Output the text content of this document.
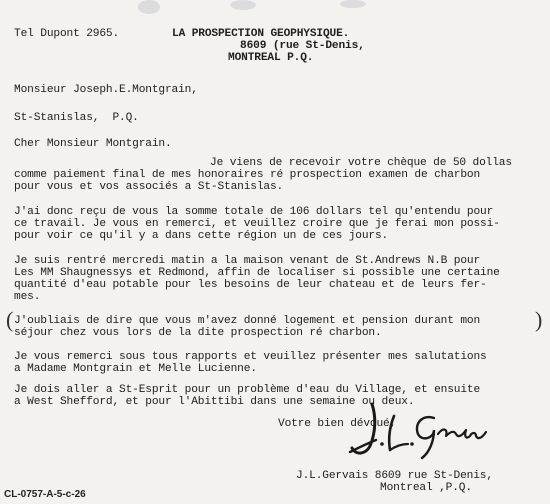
Tel Dupont 2965.	LA PROSPECTION GEOPHYSIQUE.
8609 (rue St-Denis,
MONTREAL P.Q.
Monsieur Joseph.E.Montgrain,
St-Stanislas,  P.Q.
Cher Monsieur Montgrain.
Je viens de recevoir votre chèque de 50 dollas
comme paiement final de mes honoraires ré prospection examen de charbon
pour vous et vos associés a St-Stanislas.
J'ai donc reçu de vous la somme totale de 106 dollars tel qu'entendu pour
ce travail. Je vous en remerci, et veuillez croire que je ferai mon possi-
pour voir ce qu'il y a dans cette région un de ces jours.
Je suis rentré mercredi matin a la maison venant de St.Andrews N.B pour
Les MM Shaugnessys et Redmond, affin de localiser si possible une certaine
quantité d'eau potable pour les besoins de leur chateau et de leurs fer-
mes.
(	)
J'oubliais de dire que vous m'avez donné logement et pension durant mon
séjour chez vous lors de la dite prospection ré charbon.
Je vous remerci sous tous rapports et veuillez présenter mes salutations
a Madame Montgrain et Melle Lucienne.
Je dois aller a St-Esprit pour un problème d'eau du Village, et ensuite
a West Shefford, et pour l'Abittibi dans une semaine ou deux.
Votre bien dévoué,
J.L.Gervais 8609 rue St-Denis,
Montreal ,P.Q.
CL-0757-A-5-c-26
